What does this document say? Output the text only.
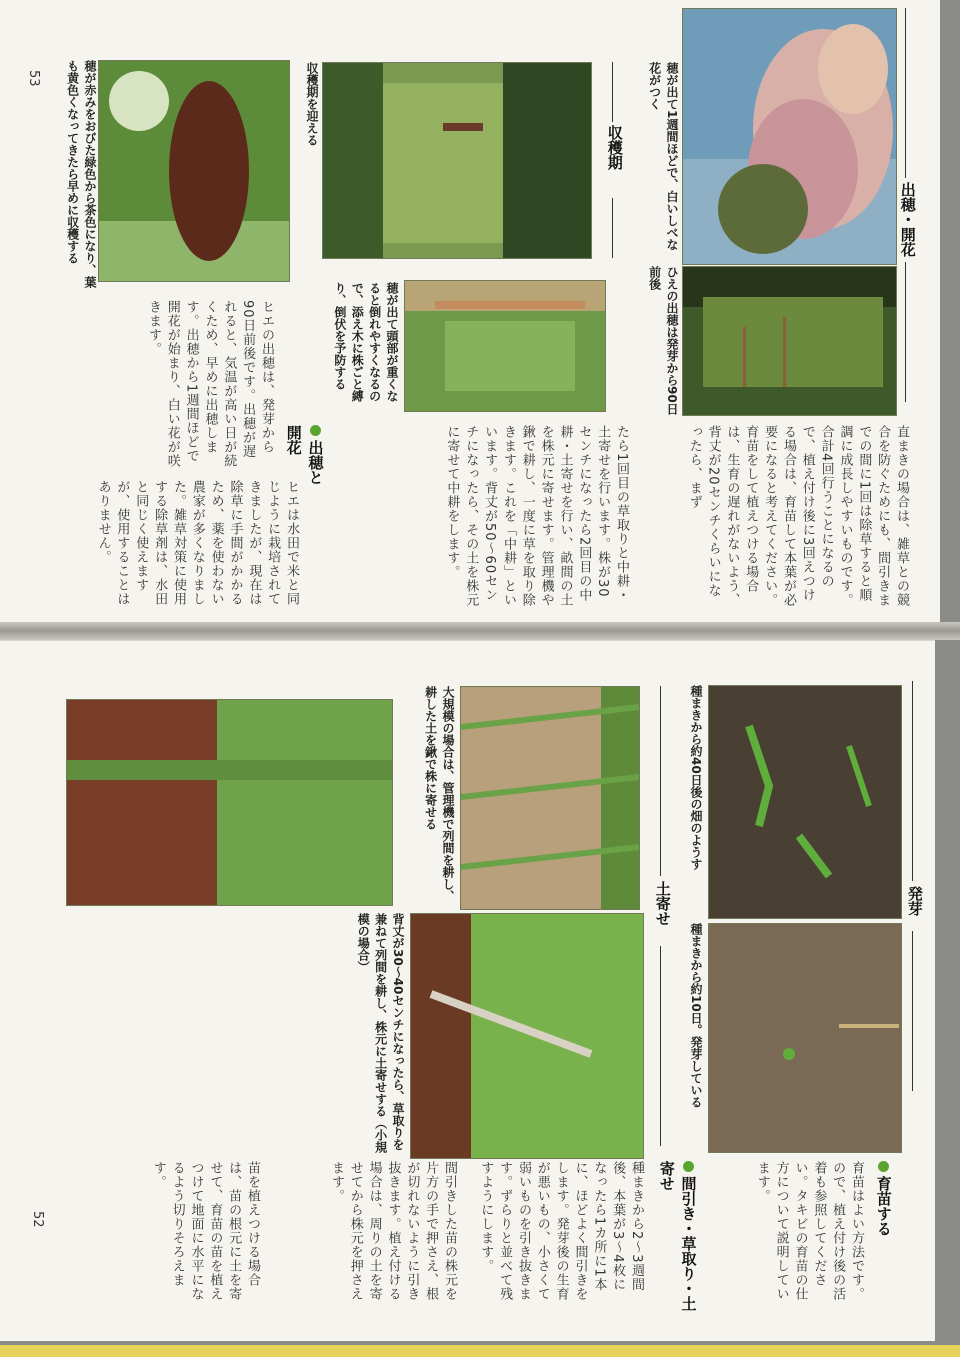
穂が出て1週間ほどで、白いしべな花がつく
出穂・開花
ひえの出穂は発芽から90日前後
収穫期
収穫期を迎える
穂が出て頭部が重くなると倒れやすくなるので、添え木に株ごと縛り、倒伏を予防する
穂が赤みをおびた緑色から茶色になり、葉も黄色くなってきたら早めに収穫する
直まきの場合は、雑草との競合を防ぐためにも、間引きまでの間に1回は除草すると順調に成長しやすいものです。合計4回行うことになるので、植え付け後に3回えつける場合は、育苗して本葉が必要になると考えてください。育苗をして植えつける場合は、生育の遅れがないよう、背丈が20センチくらいになったら、まず
たら1回目の草取りと中耕・土寄せを行います。株が30センチになったら2回目の中耕・土寄せを行い、畝間の土を株元に寄せます。管理機や鍬で耕し、一度に草を取り除きます。これを「中耕」といいます。背丈が50～60センチになったら、その土を株元に寄せて中耕をします。
ヒエは水田で米と同じように栽培されてきましたが、現在は除草に手間がかかるため、薬を使わない農家が多くなりました。雑草対策に使用する除草剤は、水田と同じく使えますが、使用することはありません。
出穂と開花
ヒエの出穂は、発芽から90日前後です。出穂が遅れると、気温が高い日が続くため、早めに出穂します。出穂から1週間ほどで開花が始まり、白い花が咲きます。
53
発芽
種まきから約40日後の畑のようす
種まきから約10日。発芽している
土寄せ
大規模の場合は、管理機で列間を耕し、耕した土を鍬で株に寄せる
背丈が30～40センチになったら、草取りを兼ねて列間を耕し、株元に土寄せする（小規模の場合）
育苗する
育苗はよい方法です。ので、植え付け後の活着も参照してください。タキビの育苗の仕方について説明しています。
間引き・草取り・土寄せ
種まきから2～3週間後、本葉が3～4枚になったら1カ所に1本に、ほどよく間引きをします。発芽後の生育が悪いもの、小さくて弱いものを引き抜きます。ずらりと並べて残すようにします。
間引きした苗の株元を片方の手で押さえ、根が切れないように引き抜きます。植え付ける場合は、周りの土を寄せてから株元を押さえます。
苗を植えつける場合は、苗の根元に土を寄せて、育苗の苗を植えつけて地面に水平になるよう切りそろえます。
52
